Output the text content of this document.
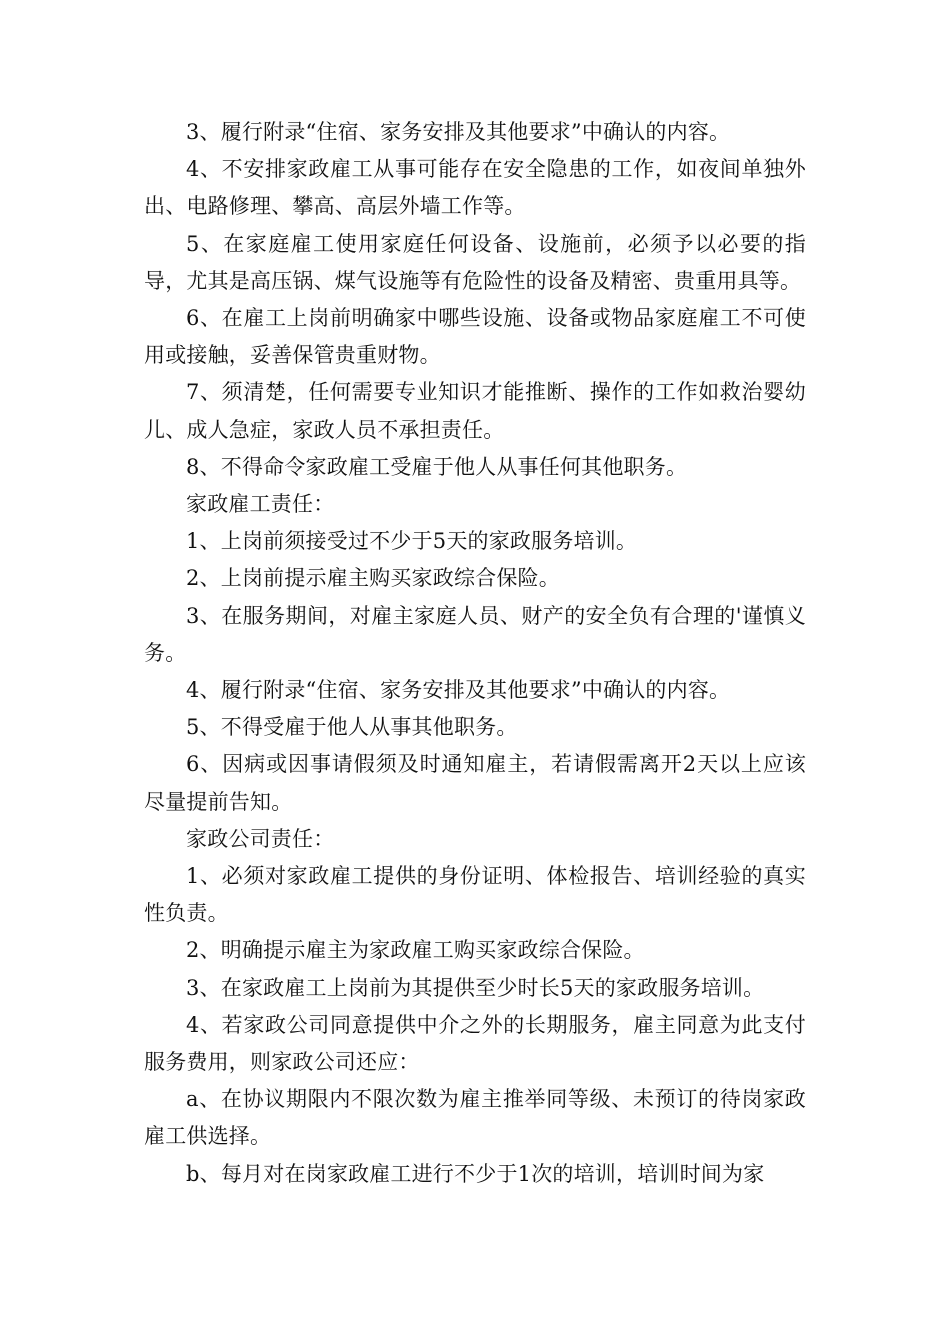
3、履行附录“住宿、家务安排及其他要求”中确认的内容。

4、不安排家政雇工从事可能存在安全隐患的工作，如夜间单独外出、电路修理、攀高、高层外墙工作等。

5、在家庭雇工使用家庭任何设备、设施前，必须予以必要的指导，尤其是高压锅、煤气设施等有危险性的设备及精密、贵重用具等。

6、在雇工上岗前明确家中哪些设施、设备或物品家庭雇工不可使用或接触，妥善保管贵重财物。

7、须清楚，任何需要专业知识才能推断、操作的工作如救治婴幼儿、成人急症，家政人员不承担责任。

8、不得命令家政雇工受雇于他人从事任何其他职务。

家政雇工责任：

1、上岗前须接受过不少于5天的家政服务培训。

2、上岗前提示雇主购买家政综合保险。

3、在服务期间，对雇主家庭人员、财产的安全负有合理的'谨慎义务。

4、履行附录“住宿、家务安排及其他要求”中确认的内容。

5、不得受雇于他人从事其他职务。

6、因病或因事请假须及时通知雇主，若请假需离开2天以上应该尽量提前告知。

家政公司责任：

1、必须对家政雇工提供的身份证明、体检报告、培训经验的真实性负责。

2、明确提示雇主为家政雇工购买家政综合保险。

3、在家政雇工上岗前为其提供至少时长5天的家政服务培训。

4、若家政公司同意提供中介之外的长期服务，雇主同意为此支付服务费用，则家政公司还应：

a、在协议期限内不限次数为雇主推举同等级、未预订的待岗家政雇工供选择。

b、每月对在岗家政雇工进行不少于1次的培训，培训时间为家
